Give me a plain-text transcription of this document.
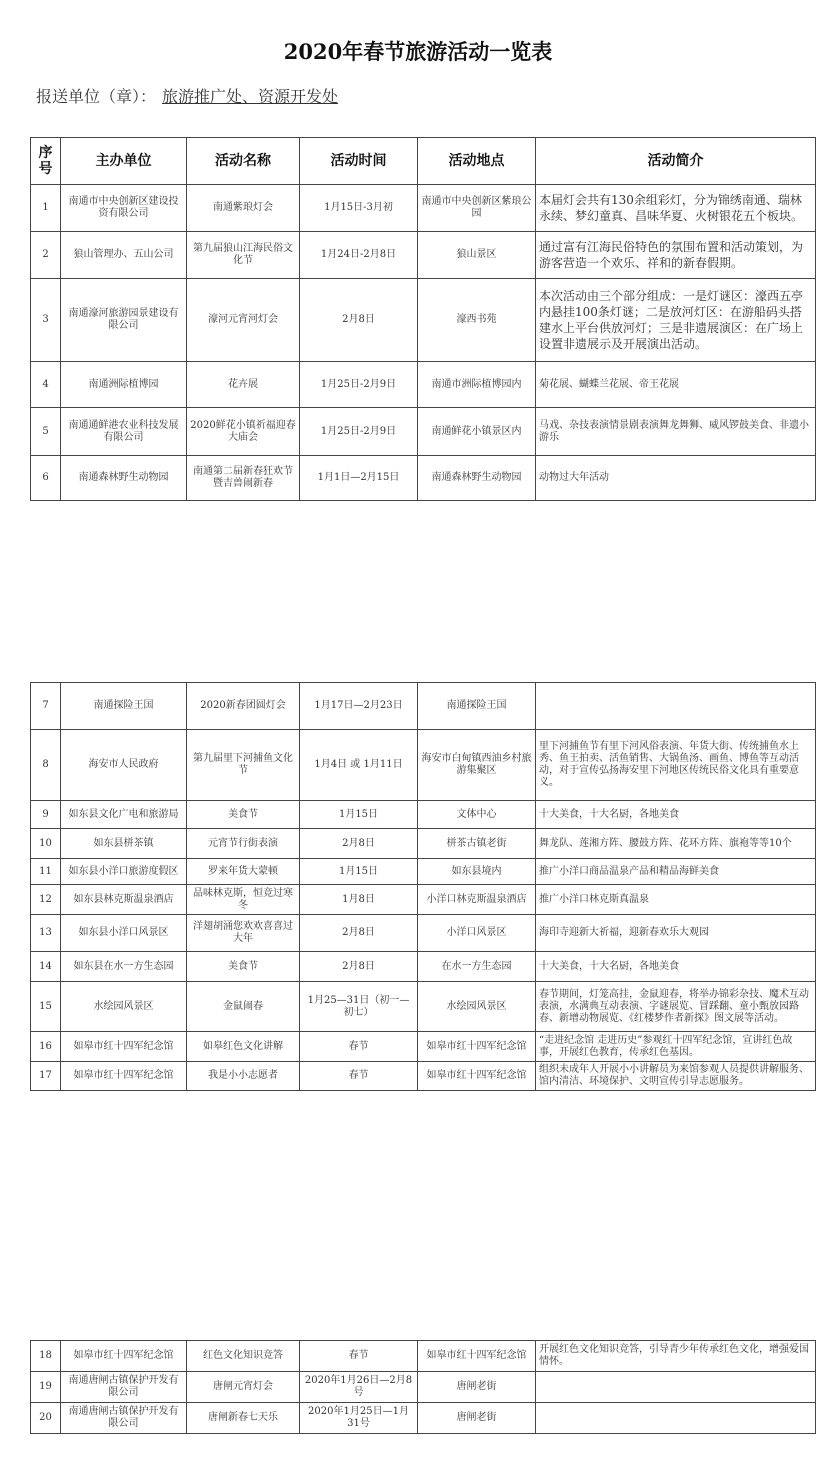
2020年春节旅游活动一览表
报送单位（章）： 旅游推广处、资源开发处
序号	主办单位	活动名称	活动时间	活动地点	活动简介
1	南通市中央创新区建设投资有限公司	南通紫琅灯会	1月15日-3月初	南通市中央创新区紫琅公园	本届灯会共有130余组彩灯，分为锦绣南通、瑞林永续、梦幻童真、昌味华夏、火树银花五个板块。
2	狼山管理办、五山公司	第九届狼山江海民俗文化节	1月24日-2月8日	狼山景区	通过富有江海民俗特色的氛围布置和活动策划，为游客营造一个欢乐、祥和的新春假期。
3	南通濠河旅游园景建设有限公司	濠河元宵河灯会	2月8日	濠西书苑	本次活动由三个部分组成：一是灯谜区：濠西五亭内悬挂100条灯谜；二是放河灯区：在游船码头搭建水上平台供放河灯；三是非遗展演区：在广场上设置非遗展示及开展演出活动。
4	南通洲际植博园	花卉展	1月25日-2月9日	南通市洲际植博园内	菊花展、蝴蝶兰花展、帝王花展
5	南通通鲜港农业科技发展有限公司	2020鲜花小镇祈福迎春大庙会	1月25日-2月9日	南通鲜花小镇景区内	马戏、杂技表演情景剧表演舞龙舞狮、威风锣鼓美食、非遗小游乐
6	南通森林野生动物园	南通第二届新春狂欢节暨吉兽闹新春	1月1日—2月15日	南通森林野生动物园	动物过大年活动
7	南通探险王国	2020新春团圆灯会	1月17日—2月23日	南通探险王国	
8	海安市人民政府	第九届里下河捕鱼文化节	1月4日 或 1月11日	海安市白甸镇西油乡村旅游集聚区	里下河捕鱼节有里下河风俗表演、年货大街、传统捕鱼水上秀、鱼王拍卖、活鱼销售、大锅鱼汤、画鱼、博鱼等互动活动，对于宣传弘扬海安里下河地区传统民俗文化具有重要意义。
9	如东县文化广电和旅游局	美食节	1月15日	文体中心	十大美食，十大名厨，各地美食
10	如东县栟茶镇	元宵节行街表演	2月8日	栟茶古镇老街	舞龙队、莲湘方阵、腰鼓方阵、花环方阵、旗袍等等10个
11	如东县小洋口旅游度假区	罗来年货大蒙顿	1月15日	如东县境内	推广小洋口商品温泉产品和精品海鲜美食
12	如东县林克斯温泉酒店	品味林克斯，恒竞过寒冬	1月8日	小洋口林克斯温泉酒店	推广小洋口林克斯真温泉
13	如东县小洋口风景区	洋翅胡涌您欢欢喜喜过大年	2月8日	小洋口风景区	海印寺迎新大祈福，迎新春欢乐大观园
14	如东县在水一方生态园	美食节	2月8日	在水一方生态园	十大美食，十大名厨，各地美食
15	水绘园风景区	金鼠闹春	1月25—31日（初一—初七）	水绘园风景区	春节期间，灯笼高挂，金鼠迎春，将举办锦彩杂技、魔术互动表演，水满典互动表演、字谜展览、冒踩翻、童小甄放园路春、新增动物展览、《红楼梦作者新探》图文展等活动。
16	如皋市红十四军纪念馆	如皋红色文化讲解	春节	如皋市红十四军纪念馆	“走进纪念馆 走进历史”参观红十四军纪念馆，宣讲红色故事，开展红色教育，传承红色基因。
17	如皋市红十四军纪念馆	我是小小志愿者	春节	如皋市红十四军纪念馆	组织未成年人开展小小讲解员为来馆参观人员提供讲解服务、馆内清洁、环境保护、文明宣传引导志愿服务。
18	如皋市红十四军纪念馆	红色文化知识竞答	春节	如皋市红十四军纪念馆	开展红色文化知识竞答，引导青少年传承红色文化，增强爱国情怀。
19	南通唐闸古镇保护开发有限公司	唐闸元宵灯会	2020年1月26日—2月8号	唐闸老街	
20	南通唐闸古镇保护开发有限公司	唐闸新春七天乐	2020年1月25日—1月31号	唐闸老街	
